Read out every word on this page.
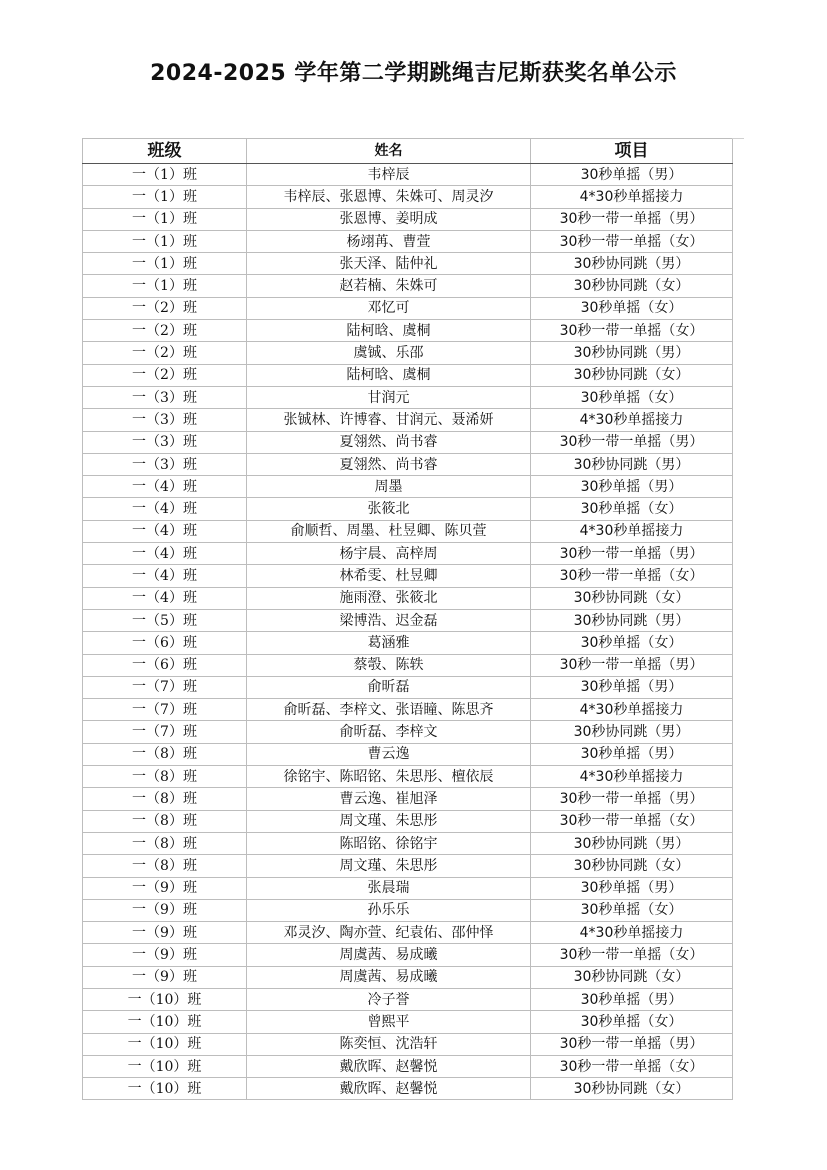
2024-2025 学年第二学期跳绳吉尼斯获奖名单公示
班级	姓名	项目
一（1）班	韦梓辰	30秒单摇（男）
一（1）班	韦梓辰、张恩博、朱姝可、周灵汐	4*30秒单摇接力
一（1）班	张恩博、姜明成	30秒一带一单摇（男）
一（1）班	杨翊苒、曹萱	30秒一带一单摇（女）
一（1）班	张天泽、陆仲礼	30秒协同跳（男）
一（1）班	赵若楠、朱姝可	30秒协同跳（女）
一（2）班	邓忆可	30秒单摇（女）
一（2）班	陆柯晗、虞桐	30秒一带一单摇（女）
一（2）班	虞铖、乐邵	30秒协同跳（男）
一（2）班	陆柯晗、虞桐	30秒协同跳（女）
一（3）班	甘润元	30秒单摇（女）
一（3）班	张铖林、许博睿、甘润元、聂浠妍	4*30秒单摇接力
一（3）班	夏翎然、尚书睿	30秒一带一单摇（男）
一（3）班	夏翎然、尚书睿	30秒协同跳（男）
一（4）班	周墨	30秒单摇（男）
一（4）班	张筱北	30秒单摇（女）
一（4）班	俞顺哲、周墨、杜昱卿、陈贝萱	4*30秒单摇接力
一（4）班	杨宇晨、高梓周	30秒一带一单摇（男）
一（4）班	林希雯、杜昱卿	30秒一带一单摇（女）
一（4）班	施雨澄、张筱北	30秒协同跳（女）
一（5）班	梁博浩、迟金磊	30秒协同跳（男）
一（6）班	葛涵雅	30秒单摇（女）
一（6）班	蔡彀、陈轶	30秒一带一单摇（男）
一（7）班	俞昕磊	30秒单摇（男）
一（7）班	俞昕磊、李梓文、张语瞳、陈思齐	4*30秒单摇接力
一（7）班	俞昕磊、李梓文	30秒协同跳（男）
一（8）班	曹云逸	30秒单摇（男）
一（8）班	徐铭宇、陈昭铭、朱思彤、檀依辰	4*30秒单摇接力
一（8）班	曹云逸、崔旭泽	30秒一带一单摇（男）
一（8）班	周文瑾、朱思彤	30秒一带一单摇（女）
一（8）班	陈昭铭、徐铭宇	30秒协同跳（男）
一（8）班	周文瑾、朱思彤	30秒协同跳（女）
一（9）班	张晨瑞	30秒单摇（男）
一（9）班	孙乐乐	30秒单摇（女）
一（9）班	邓灵汐、陶亦萱、纪袁佑、邵仲怿	4*30秒单摇接力
一（9）班	周虞茜、易成曦	30秒一带一单摇（女）
一（9）班	周虞茜、易成曦	30秒协同跳（女）
一（10）班	冷子誉	30秒单摇（男）
一（10）班	曾熙平	30秒单摇（女）
一（10）班	陈奕恒、沈浩轩	30秒一带一单摇（男）
一（10）班	戴欣晖、赵馨悦	30秒一带一单摇（女）
一（10）班	戴欣晖、赵馨悦	30秒协同跳（女）
